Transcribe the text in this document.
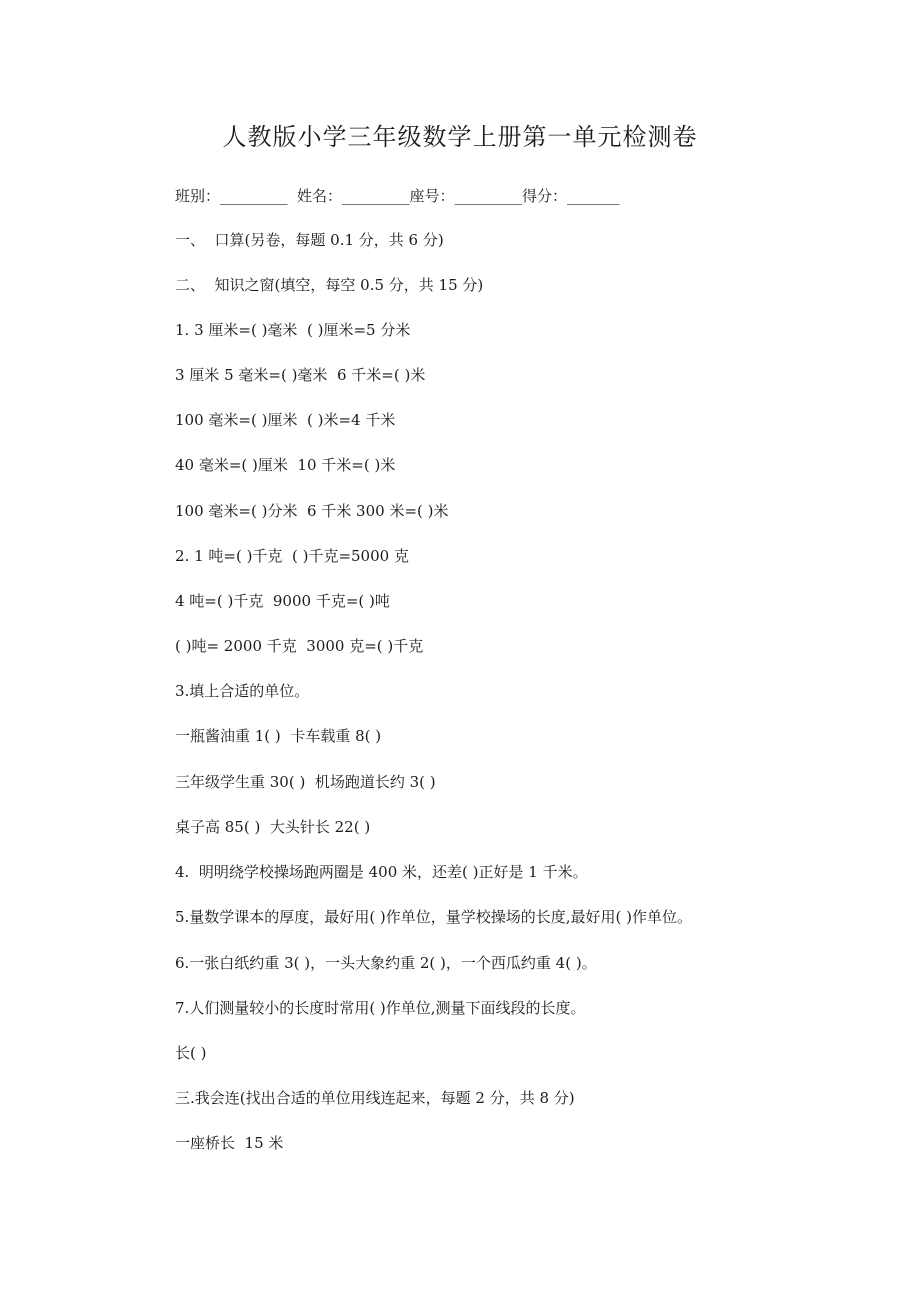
人教版小学三年级数学上册第一单元检测卷

班别：_________  姓名：_________座号：_________得分：_______

一、  口算(另卷，每题 0.1 分，共 6 分)

二、  知识之窗(填空，每空 0.5 分，共 15 分)

1. 3 厘米=( )毫米  ( )厘米=5 分米

3 厘米 5 毫米=( )毫米  6 千米=( )米

100 毫米=( )厘米  ( )米=4 千米

40 毫米=( )厘米  10 千米=( )米

100 毫米=( )分米  6 千米 300 米=( )米

2. 1 吨=( )千克  ( )千克=5000 克

4 吨=( )千克  9000 千克=( )吨

( )吨= 2000 千克  3000 克=( )千克

3.填上合适的单位。

一瓶酱油重 1( )  卡车载重 8( )

三年级学生重 30( )  机场跑道长约 3( )

桌子高 85( )  大头针长 22( )

4.  明明绕学校操场跑两圈是 400 米，还差( )正好是 1 千米。

5.量数学课本的厚度，最好用( )作单位，量学校操场的长度,最好用( )作单位。

6.一张白纸约重 3( )，一头大象约重 2( )，一个西瓜约重 4( )。

7.人们测量较小的长度时常用( )作单位,测量下面线段的长度。

长( )

三.我会连(找出合适的单位用线连起来，每题 2 分，共 8 分)

一座桥长  15 米
